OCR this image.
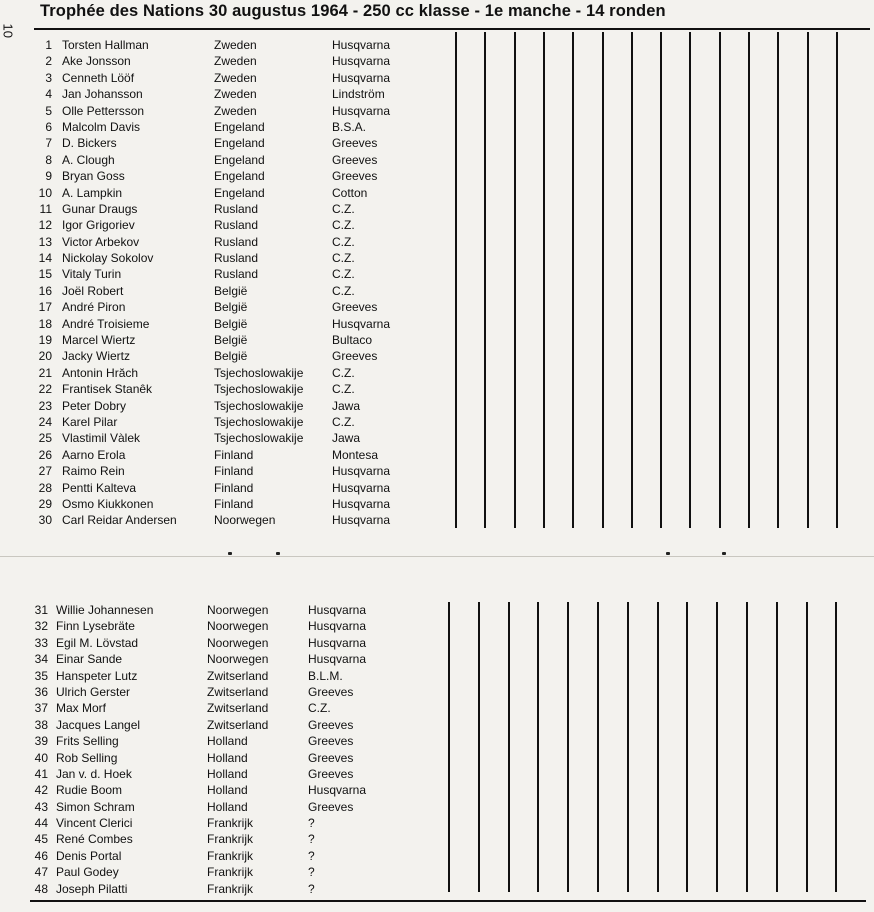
10
Trophée des Nations 30 augustus 1964 - 250 cc klasse - 1e manche - 14 ronden
1 Torsten Hallman	Zweden	Husqvarna
2 Ake Jonsson	Zweden	Husqvarna
3 Cenneth Lööf	Zweden	Husqvarna
4 Jan Johansson	Zweden	Lindström
5 Olle Pettersson	Zweden	Husqvarna
6 Malcolm Davis	Engeland	B.S.A.
7 D. Bickers	Engeland	Greeves
8 A. Clough	Engeland	Greeves
9 Bryan Goss	Engeland	Greeves
10 A. Lampkin	Engeland	Cotton
11 Gunar Draugs	Rusland	C.Z.
12 Igor Grigoriev	Rusland	C.Z.
13 Victor Arbekov	Rusland	C.Z.
14 Nickolay Sokolov	Rusland	C.Z.
15 Vitaly Turin	Rusland	C.Z.
16 Joël Robert	België	C.Z.
17 André Piron	België	Greeves
18 André Troisieme	België	Husqvarna
19 Marcel Wiertz	België	Bultaco
20 Jacky Wiertz	België	Greeves
21 Antonin Hrăch	Tsjechoslowakije C.Z.
22 Frantisek Stanêk	Tsjechoslowakije C.Z.
23 Peter Dobry	Tsjechoslowakije Jawa
24 Karel Pilar	Tsjechoslowakije C.Z.
25 Vlastimil Vàlek	Tsjechoslowakije Jawa
26 Aarno Erola	Finland	Montesa
27 Raimo Rein	Finland	Husqvarna
28 Pentti Kalteva	Finland	Husqvarna
29 Osmo Kiukkonen	Finland	Husqvarna
30 Carl Reidar Andersen	Noorwegen	Husqvarna
31 Willie Johannesen	Noorwegen	Husqvarna
32 Finn Lysebräte	Noorwegen	Husqvarna
33 Egil M. Lövstad	Noorwegen	Husqvarna
34 Einar Sande	Noorwegen	Husqvarna
35 Hanspeter Lutz	Zwitserland	B.L.M.
36 Ulrich Gerster	Zwitserland	Greeves
37 Max Morf	Zwitserland	C.Z.
38 Jacques Langel	Zwitserland	Greeves
39 Frits Selling	Holland	Greeves
40 Rob Selling	Holland	Greeves
41 Jan v. d. Hoek	Holland	Greeves
42 Rudie Boom	Holland	Husqvarna
43 Simon Schram	Holland	Greeves
44 Vincent Clerici	Frankrijk	?
45 René Combes	Frankrijk	?
46 Denis Portal	Frankrijk	?
47 Paul Godey	Frankrijk	?
48 Joseph Pilatti	Frankrijk	?
